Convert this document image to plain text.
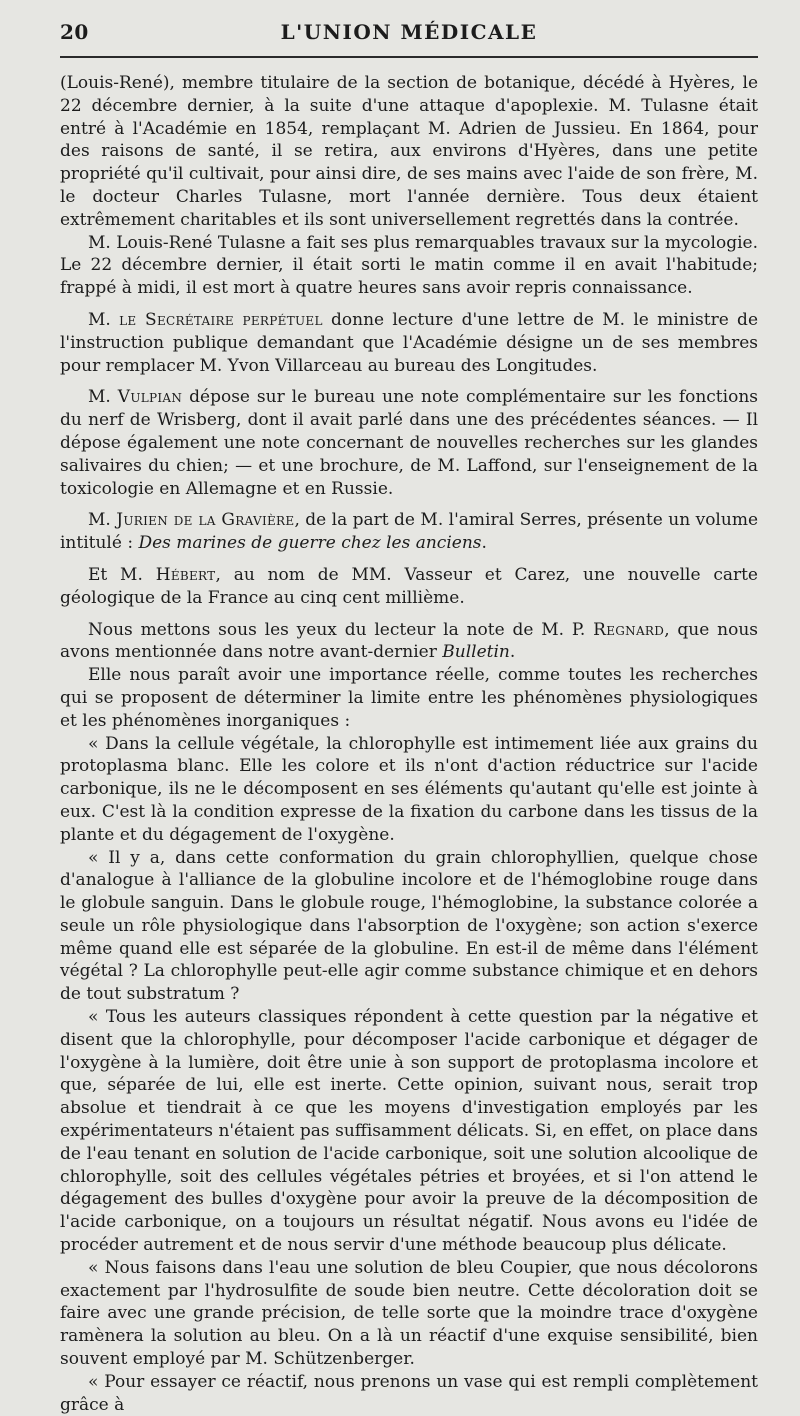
20	L'UNION MÉDICALE

(Louis-René), membre titulaire de la section de botanique, décédé à Hyères, le 22 décembre dernier, à la suite d'une attaque d'apoplexie. M. Tulasne était entré à l'Académie en 1854, remplaçant M. Adrien de Jussieu. En 1864, pour des raisons de santé, il se retira, aux environs d'Hyères, dans une petite propriété qu'il cultivait, pour ainsi dire, de ses mains avec l'aide de son frère, M. le docteur Charles Tulasne, mort l'année dernière. Tous deux étaient extrêmement charitables et ils sont universellement regrettés dans la contrée.

M. Louis-René Tulasne a fait ses plus remarquables travaux sur la mycologie. Le 22 décembre dernier, il était sorti le matin comme il en avait l'habitude; frappé à midi, il est mort à quatre heures sans avoir repris connaissance.

M. le Secrétaire perpétuel donne lecture d'une lettre de M. le ministre de l'instruction publique demandant que l'Académie désigne un de ses membres pour remplacer M. Yvon Villarceau au bureau des Longitudes.

M. Vulpian dépose sur le bureau une note complémentaire sur les fonctions du nerf de Wrisberg, dont il avait parlé dans une des précédentes séances. — Il dépose également une note concernant de nouvelles recherches sur les glandes salivaires du chien; — et une brochure, de M. Laffond, sur l'enseignement de la toxicologie en Allemagne et en Russie.

M. Jurien de la Gravière, de la part de M. l'amiral Serres, présente un volume intitulé : Des marines de guerre chez les anciens.

Et M. Hébert, au nom de MM. Vasseur et Carez, une nouvelle carte géologique de la France au cinq cent millième.

Nous mettons sous les yeux du lecteur la note de M. P. Regnard, que nous avons mentionnée dans notre avant-dernier Bulletin.

Elle nous paraît avoir une importance réelle, comme toutes les recherches qui se proposent de déterminer la limite entre les phénomènes physiologiques et les phénomènes inorganiques :

« Dans la cellule végétale, la chlorophylle est intimement liée aux grains du protoplasma blanc. Elle les colore et ils n'ont d'action réductrice sur l'acide carbonique, ils ne le décomposent en ses éléments qu'autant qu'elle est jointe à eux. C'est là la condition expresse de la fixation du carbone dans les tissus de la plante et du dégagement de l'oxygène.

« Il y a, dans cette conformation du grain chlorophyllien, quelque chose d'analogue à l'alliance de la globuline incolore et de l'hémoglobine rouge dans le globule sanguin. Dans le globule rouge, l'hémoglobine, la substance colorée a seule un rôle physiologique dans l'absorption de l'oxygène; son action s'exerce même quand elle est séparée de la globuline. En est-il de même dans l'élément végétal ? La chlorophylle peut-elle agir comme substance chimique et en dehors de tout substratum ?

« Tous les auteurs classiques répondent à cette question par la négative et disent que la chlorophylle, pour décomposer l'acide carbonique et dégager de l'oxygène à la lumière, doit être unie à son support de protoplasma incolore et que, séparée de lui, elle est inerte. Cette opinion, suivant nous, serait trop absolue et tiendrait à ce que les moyens d'investigation employés par les expérimentateurs n'étaient pas suffisamment délicats. Si, en effet, on place dans de l'eau tenant en solution de l'acide carbonique, soit une solution alcoolique de chlorophylle, soit des cellules végétales pétries et broyées, et si l'on attend le dégagement des bulles d'oxygène pour avoir la preuve de la décomposition de l'acide carbonique, on a toujours un résultat négatif. Nous avons eu l'idée de procéder autrement et de nous servir d'une méthode beaucoup plus délicate.

« Nous faisons dans l'eau une solution de bleu Coupier, que nous décolorons exactement par l'hydrosulfite de soude bien neutre. Cette décoloration doit se faire avec une grande précision, de telle sorte que la moindre trace d'oxygène ramènera la solution au bleu. On a là un réactif d'une exquise sensibilité, bien souvent employé par M. Schützenberger.

« Pour essayer ce réactif, nous prenons un vase qui est rempli complètement grâce à
